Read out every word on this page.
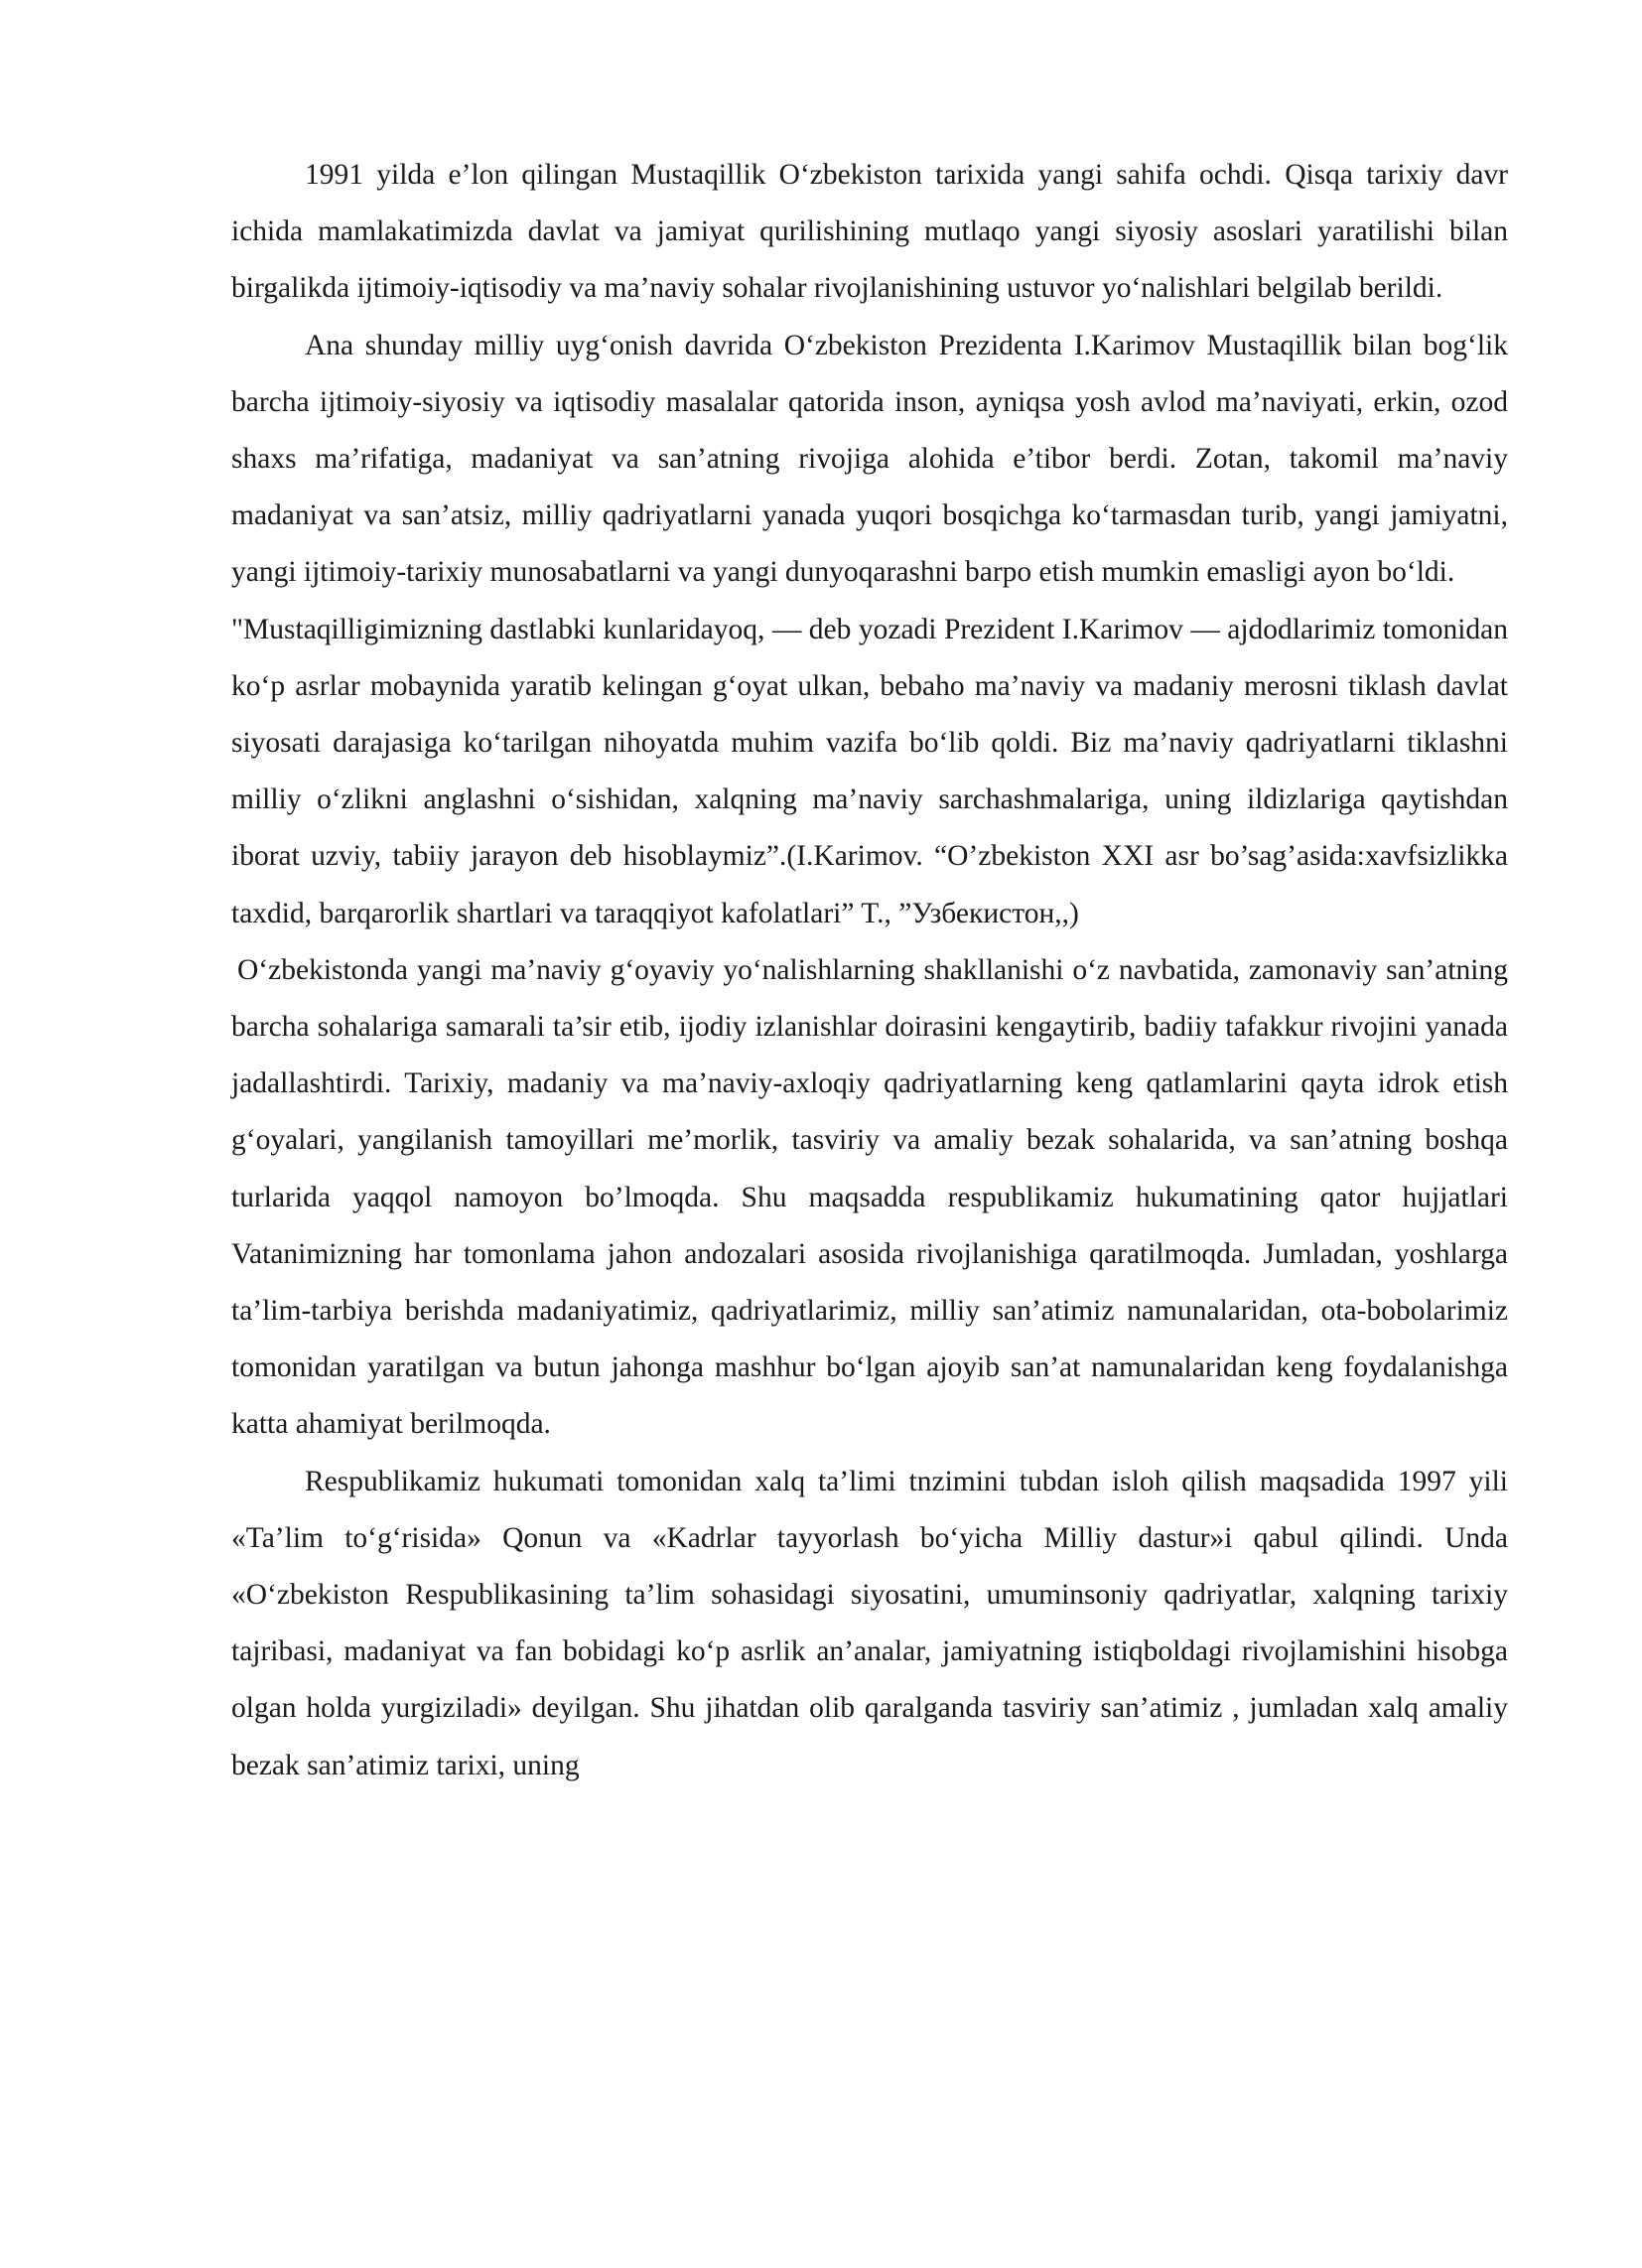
1991 yilda e’lon qilingan Mustaqillik O‘zbekiston tarixida yangi sahifa ochdi. Qisqa tarixiy davr ichida mamlakatimizda davlat va jamiyat qurilishining mutlaqo yangi siyosiy asoslari yaratilishi bilan birgalikda ijtimoiy-iqtisodiy va ma’naviy sohalar rivojlanishining ustuvor yo‘nalishlari belgilab berildi.

Ana shunday milliy uyg‘onish davrida O‘zbekiston Prezidenta I.Karimov Mustaqillik bilan bog‘lik barcha ijtimoiy-siyosiy va iqtisodiy masalalar qatorida inson, ayniqsa yosh avlod ma’naviyati, erkin, ozod shaxs ma’rifatiga, madaniyat va san’atning rivojiga alohida e’tibor berdi. Zotan, takomil ma’naviy madaniyat va san’atsiz, milliy qadriyatlarni yanada yuqori bosqichga ko‘tarmasdan turib, yangi jamiyatni, yangi ijtimoiy-tarixiy munosabatlarni va yangi dunyoqarashni barpo etish mumkin emasligi ayon bo‘ldi.

"Mustaqilligimizning dastlabki kunlaridayoq, — deb yozadi Prezident I.Karimov — ajdodlarimiz tomonidan ko‘p asrlar mobaynida yaratib kelingan g‘oyat ulkan, bebaho ma’naviy va madaniy merosni tiklash davlat siyosati darajasiga ko‘tarilgan nihoyatda muhim vazifa bo‘lib qoldi. Biz ma’naviy qadriyatlarni tiklashni milliy o‘zlikni anglashni o‘sishidan, xalqning ma’naviy sarchashmalariga, uning ildizlariga qaytishdan iborat uzviy, tabiiy jarayon deb hisoblaymiz”.(I.Karimov. “O’zbekiston XXI asr bo’sag’asida:xavfsizlikka taxdid, barqarorlik shartlari va taraqqiyot kafolatlari” T., ”Узбекистон,,)

O‘zbekistonda yangi ma’naviy g‘oyaviy yo‘nalishlarning shakllanishi o‘z navbatida, zamonaviy san’atning barcha sohalariga samarali ta’sir etib, ijodiy izlanishlar doirasini kengaytirib, badiiy tafakkur rivojini yanada jadallashtirdi. Tarixiy, madaniy va ma’naviy-axloqiy qadriyatlarning keng qatlamlarini qayta idrok etish g‘oyalari, yangilanish tamoyillari me’morlik, tasviriy va amaliy bezak sohalarida, va san’atning boshqa turlarida yaqqol namoyon bo’lmoqda. Shu maqsadda respublikamiz hukumatining qator hujjatlari Vatanimizning har tomonlama jahon andozalari asosida rivojlanishiga qaratilmoqda. Jumladan, yoshlarga ta’lim-tarbiya berishda madaniyatimiz, qadriyatlarimiz, milliy san’atimiz namunalaridan, ota-bobolarimiz tomonidan yaratilgan va butun jahonga mashhur bo‘lgan ajoyib san’at namunalaridan keng foydalanishga katta ahamiyat berilmoqda.

Respublikamiz hukumati tomonidan xalq ta’limi tnzimini tubdan isloh qilish maqsadida 1997 yili «Ta’lim to‘g‘risida» Qonun va «Kadrlar tayyorlash bo‘yicha Milliy dastur»i qabul qilindi. Unda «O‘zbekiston Respublikasining ta’lim sohasidagi siyosatini, umuminsoniy qadriyatlar, xalqning tarixiy tajribasi, madaniyat va fan bobidagi ko‘p asrlik an’analar, jamiyatning istiqboldagi rivojlamishini hisobga olgan holda yurgiziladi» deyilgan. Shu jihatdan olib qaralganda tasviriy san’atimiz , jumladan xalq amaliy bezak san’atimiz tarixi, uning
